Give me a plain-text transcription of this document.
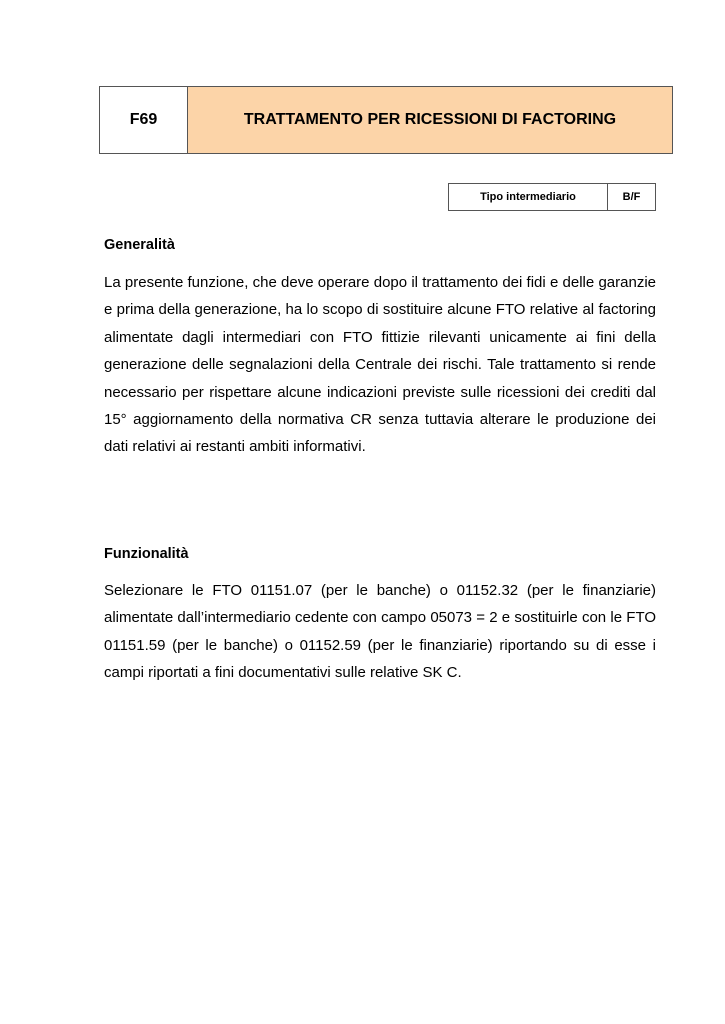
F69	TRATTAMENTO PER RICESSIONI DI FACTORING
Tipo intermediario	B/F
Generalità

La presente funzione, che deve operare dopo il trattamento dei fidi e delle garanzie e prima della generazione, ha lo scopo di sostituire alcune FTO relative al factoring alimentate dagli intermediari con FTO fittizie rilevanti unicamente ai fini della generazione delle segnalazioni della Centrale dei rischi. Tale trattamento si rende necessario per rispettare alcune indicazioni previste sulle ricessioni dei crediti dal 15° aggiornamento della normativa CR senza tuttavia alterare le produzione dei dati relativi ai restanti ambiti informativi.

Funzionalità

Selezionare le FTO 01151.07 (per le banche) o 01152.32 (per le finanziarie) alimentate dall’intermediario cedente con campo 05073 = 2 e sostituirle con le FTO 01151.59 (per le banche) o 01152.59 (per le finanziarie) riportando su di esse i campi riportati a fini documentativi sulle relative SK C.
